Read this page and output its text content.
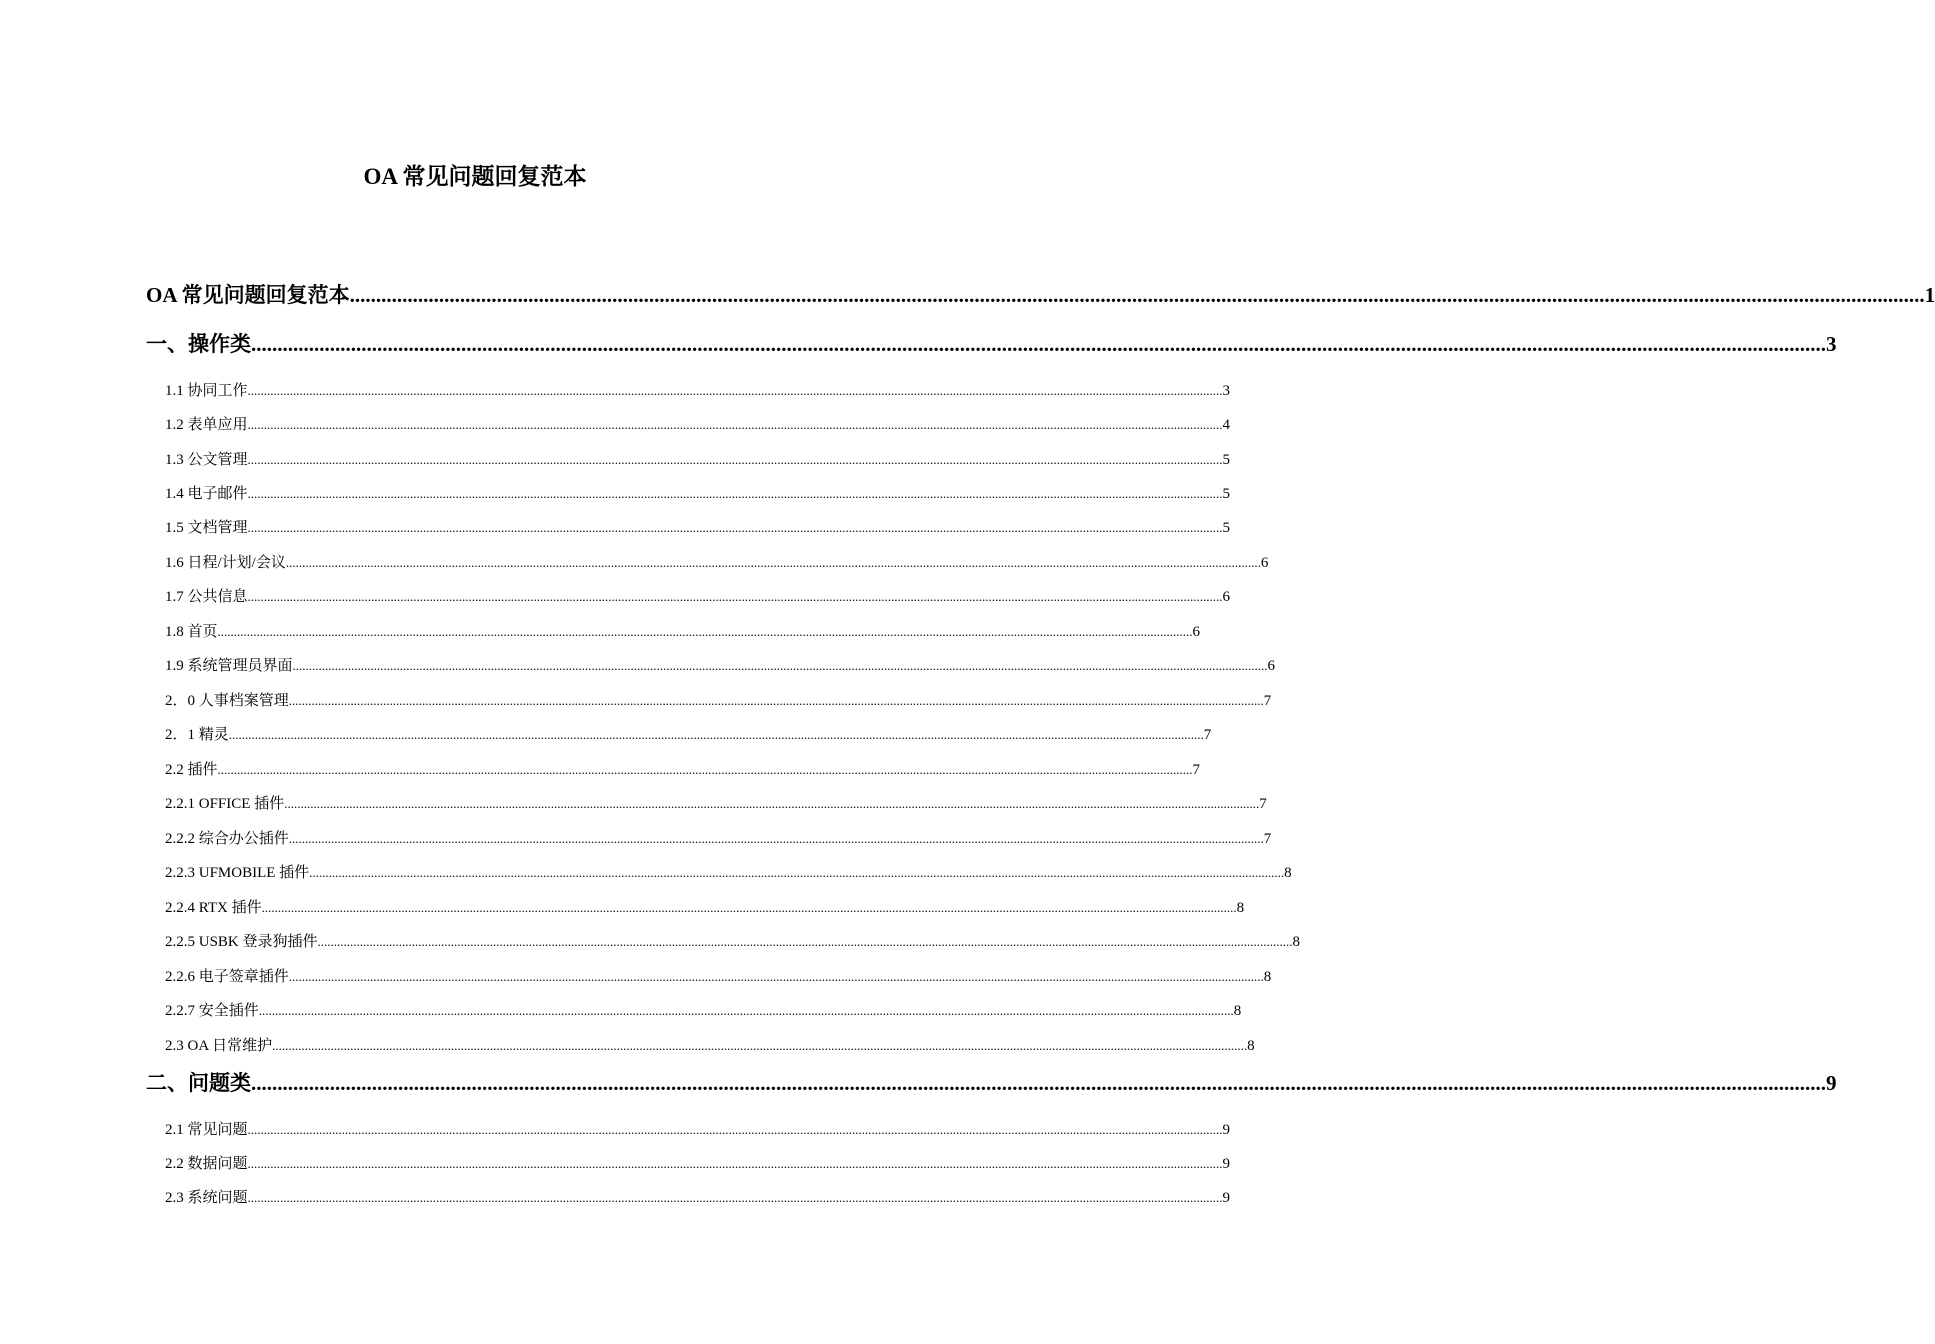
OA 常见问题回复范本
OA 常见问题回复范本 ............................................................................................................................................................................................................................................................................................................ 1
一、操作类 ............................................................................................................................................................................................................................................................................................................ 3
1.1 协同工作 ............................................................................................................................................................................................................................................................................................................ 3
1.2 表单应用 ............................................................................................................................................................................................................................................................................................................ 4
1.3 公文管理 ............................................................................................................................................................................................................................................................................................................ 5
1.4 电子邮件 ............................................................................................................................................................................................................................................................................................................ 5
1.5 文档管理 ............................................................................................................................................................................................................................................................................................................ 5
1.6 日程/计划/会议 ............................................................................................................................................................................................................................................................................................................ 6
1.7 公共信息 ............................................................................................................................................................................................................................................................................................................ 6
1.8 首页 ............................................................................................................................................................................................................................................................................................................ 6
1.9 系统管理员界面 ............................................................................................................................................................................................................................................................................................................ 6
2．0 人事档案管理 ............................................................................................................................................................................................................................................................................................................ 7
2．1 精灵 ............................................................................................................................................................................................................................................................................................................ 7
2.2 插件 ............................................................................................................................................................................................................................................................................................................ 7
2.2.1 OFFICE 插件 ............................................................................................................................................................................................................................................................................................................ 7
2.2.2 综合办公插件 ............................................................................................................................................................................................................................................................................................................ 7
2.2.3 UFMOBILE 插件 ............................................................................................................................................................................................................................................................................................................ 8
2.2.4 RTX 插件 ............................................................................................................................................................................................................................................................................................................ 8
2.2.5 USBK 登录狗插件 ............................................................................................................................................................................................................................................................................................................ 8
2.2.6 电子签章插件 ............................................................................................................................................................................................................................................................................................................ 8
2.2.7 安全插件 ............................................................................................................................................................................................................................................................................................................ 8
2.3 OA 日常维护 ............................................................................................................................................................................................................................................................................................................ 8
二、问题类 ............................................................................................................................................................................................................................................................................................................ 9
2.1 常见问题 ............................................................................................................................................................................................................................................................................................................ 9
2.2 数据问题 ............................................................................................................................................................................................................................................................................................................ 9
2.3 系统问题 ............................................................................................................................................................................................................................................................................................................ 9
